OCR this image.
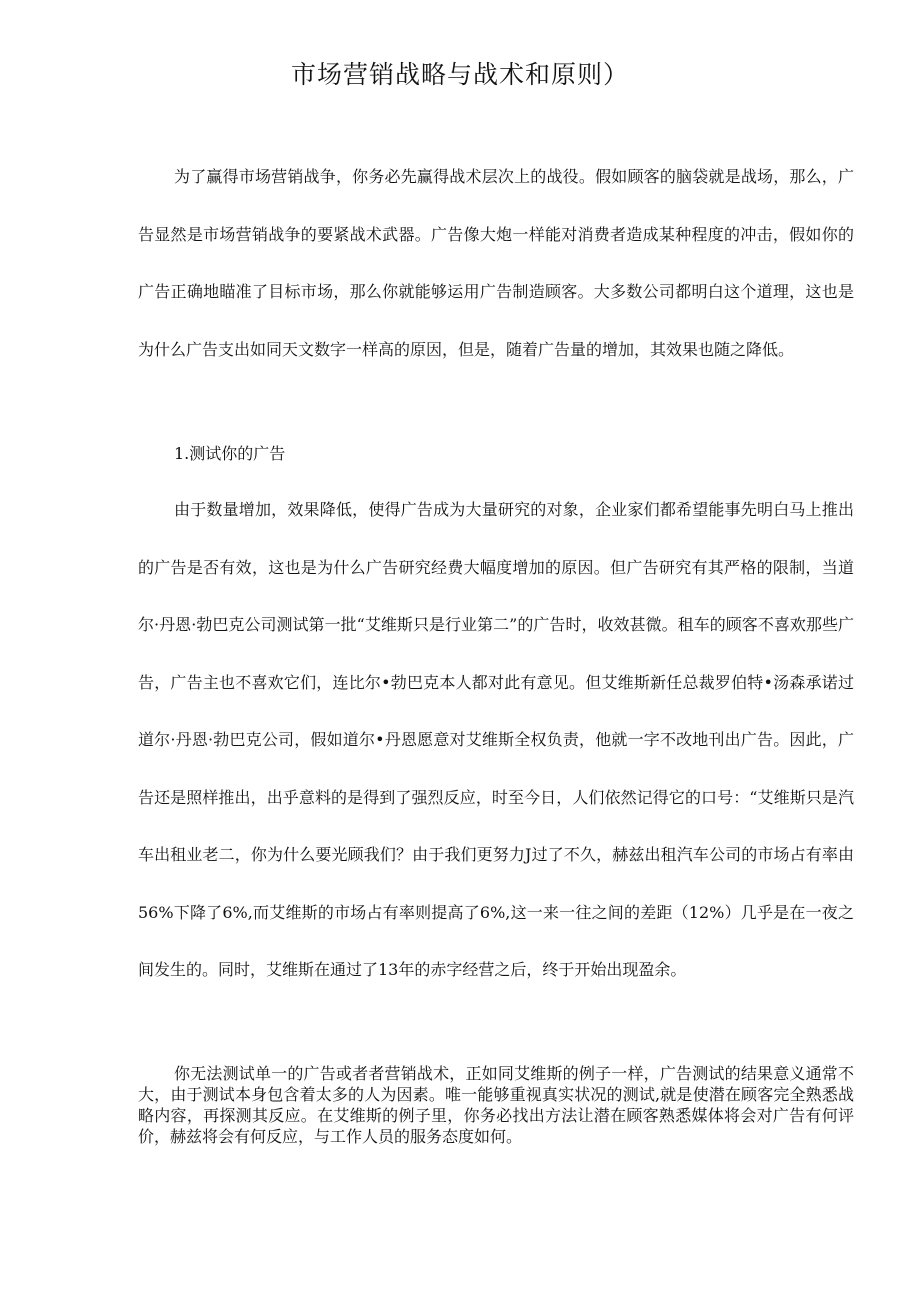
市场营销战略与战术和原则）

为了赢得市场营销战争，你务必先赢得战术层次上的战役。假如顾客的脑袋就是战场，那么，广告显然是市场营销战争的要紧战术武器。广告像大炮一样能对消费者造成某种程度的冲击，假如你的广告正确地瞄准了目标市场，那么你就能够运用广告制造顾客。大多数公司都明白这个道理，这也是为什么广告支出如同天文数字一样高的原因，但是，随着广告量的增加，其效果也随之降低。

1.测试你的广告

由于数量增加，效果降低，使得广告成为大量研究的对象，企业家们都希望能事先明白马上推出的广告是否有效，这也是为什么广告研究经费大幅度增加的原因。但广告研究有其严格的限制，当道尔·丹恩·勃巴克公司测试第一批“艾维斯只是行业第二”的广告时，收效甚微。租车的顾客不喜欢那些广告，广告主也不喜欢它们，连比尔•勃巴克本人都对此有意见。但艾维斯新任总裁罗伯特•汤森承诺过道尔·丹恩·勃巴克公司，假如道尔•丹恩愿意对艾维斯全权负责，他就一字不改地刊出广告。因此，广告还是照样推出，出乎意料的是得到了强烈反应，时至今日，人们依然记得它的口号：“艾维斯只是汽车出租业老二，你为什么要光顾我们？由于我们更努力J过了不久，赫兹出租汽车公司的市场占有率由56%下降了6%,而艾维斯的市场占有率则提高了6%,这一来一往之间的差距（12%）几乎是在一夜之间发生的。同时，艾维斯在通过了13年的赤字经营之后，终于开始出现盈余。

你无法测试单一的广告或者者营销战术，正如同艾维斯的例子一样，广告测试的结果意义通常不大，由于测试本身包含着太多的人为因素。唯一能够重视真实状况的测试,就是使潜在顾客完全熟悉战略内容，再探测其反应。在艾维斯的例子里，你务必找出方法让潜在顾客熟悉媒体将会对广告有何评价，赫兹将会有何反应，与工作人员的服务态度如何。
